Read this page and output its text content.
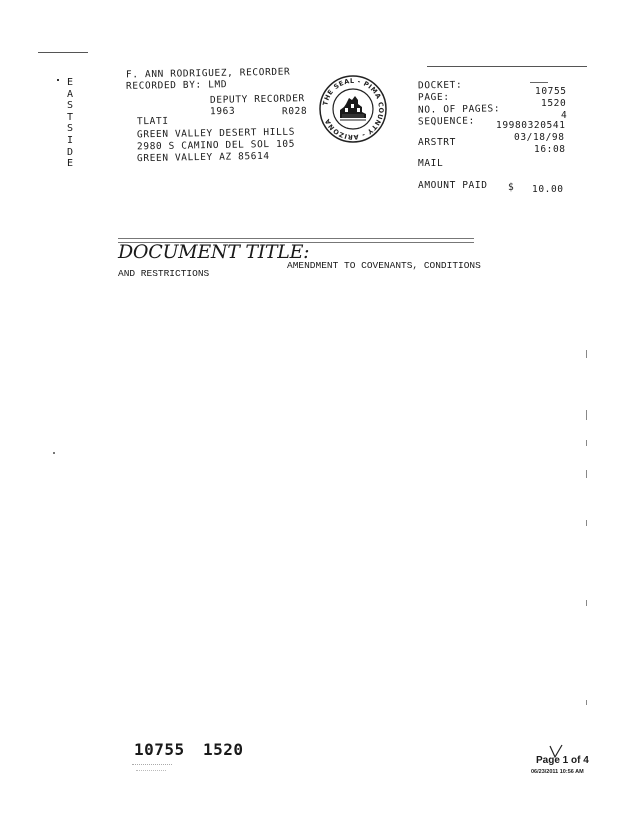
E
A
S
T
S
I
D
E
F. ANN RODRIGUEZ, RECORDER
RECORDED BY: LMD
DEPUTY RECORDER
1963	R028
TLATI
GREEN VALLEY DESERT HILLS
2980 S CAMINO DEL SOL 105
GREEN VALLEY AZ 85614
THE SEAL - PIMA COUNTY - ARIZONA
DOCKET:
10755
PAGE:
1520
NO. OF PAGES:	4
SEQUENCE: 19980320541
03/18/98
ARSTRT
16:08
MAIL
AMOUNT PAID $ 10.00
DOCUMENT TITLE:
AMENDMENT TO COVENANTS, CONDITIONS
AND RESTRICTIONS
10755 1520
Page 1 of 4
06/23/2011 10:56 AM
